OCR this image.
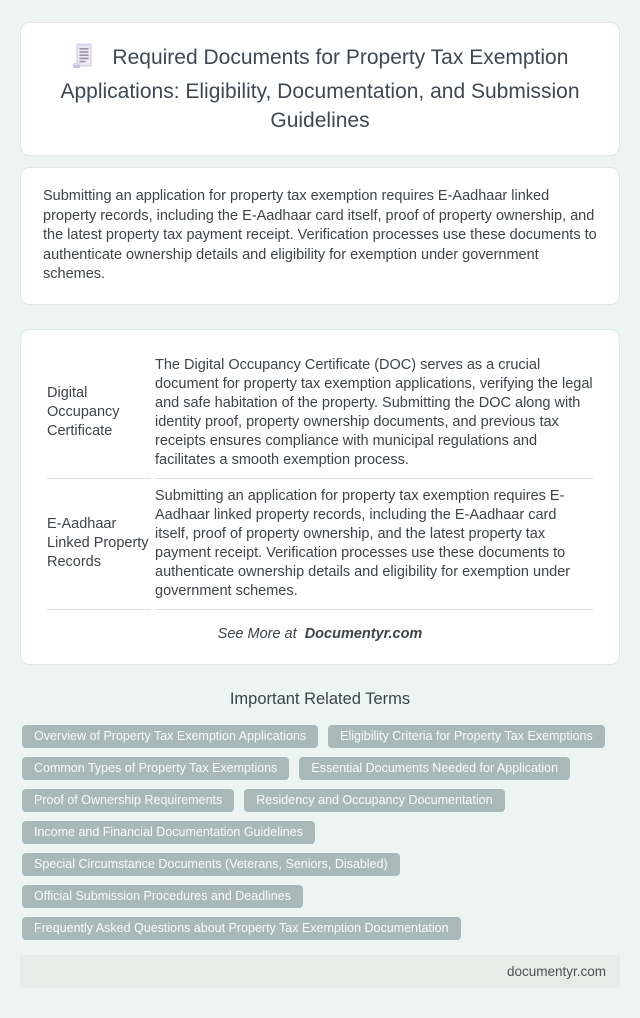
Required Documents for Property Tax Exemption Applications: Eligibility, Documentation, and Submission Guidelines

Submitting an application for property tax exemption requires E-Aadhaar linked property records, including the E-Aadhaar card itself, proof of property ownership, and the latest property tax payment receipt. Verification processes use these documents to authenticate ownership details and eligibility for exemption under government schemes.

Digital Occupancy Certificate	The Digital Occupancy Certificate (DOC) serves as a crucial document for property tax exemption applications, verifying the legal and safe habitation of the property. Submitting the DOC along with identity proof, property ownership documents, and previous tax receipts ensures compliance with municipal regulations and facilitates a smooth exemption process.
E-Aadhaar Linked Property Records	Submitting an application for property tax exemption requires E-Aadhaar linked property records, including the E-Aadhaar card itself, proof of property ownership, and the latest property tax payment receipt. Verification processes use these documents to authenticate ownership details and eligibility for exemption under government schemes.

See More at Documentyr.com

Important Related Terms
Overview of Property Tax Exemption Applications	Eligibility Criteria for Property Tax Exemptions
Common Types of Property Tax Exemptions	Essential Documents Needed for Application
Proof of Ownership Requirements	Residency and Occupancy Documentation
Income and Financial Documentation Guidelines
Special Circumstance Documents (Veterans, Seniors, Disabled)
Official Submission Procedures and Deadlines
Frequently Asked Questions about Property Tax Exemption Documentation
documentyr.com
